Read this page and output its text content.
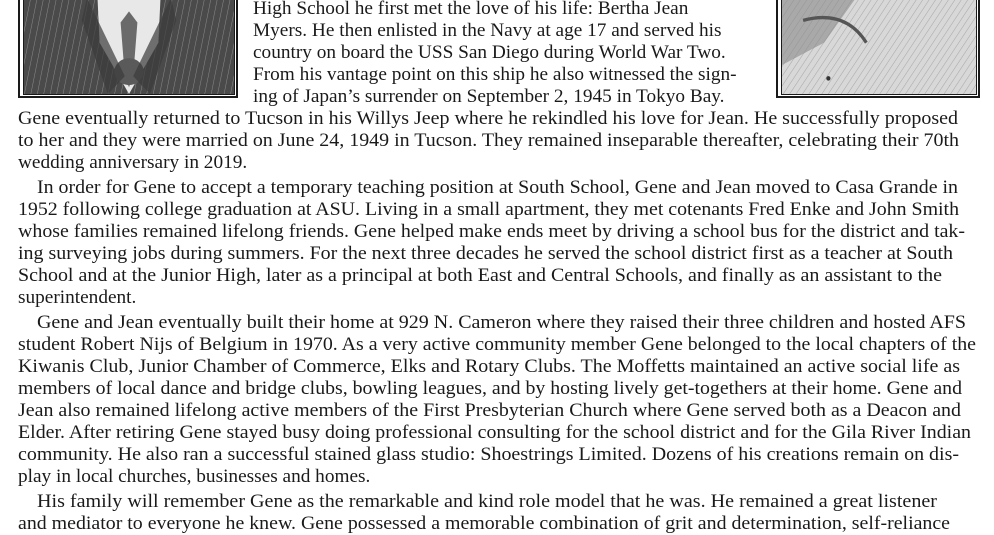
High School he first met the love of his life: Bertha Jean
Myers. He then enlisted in the Navy at age 17 and served his
country on board the USS San Diego during World War Two.
From his vantage point on this ship he also witnessed the sign-
ing of Japan’s surrender on September 2, 1945 in Tokyo Bay.
Gene eventually returned to Tucson in his Willys Jeep where he rekindled his love for Jean. He successfully proposed
to her and they were married on June 24, 1949 in Tucson. They remained inseparable thereafter, celebrating their 70th
wedding anniversary in 2019.
In order for Gene to accept a temporary teaching position at South School, Gene and Jean moved to Casa Grande in
1952 following college graduation at ASU. Living in a small apartment, they met cotenants Fred Enke and John Smith
whose families remained lifelong friends. Gene helped make ends meet by driving a school bus for the district and tak-
ing surveying jobs during summers. For the next three decades he served the school district first as a teacher at South
School and at the Junior High, later as a principal at both East and Central Schools, and finally as an assistant to the
superintendent.
Gene and Jean eventually built their home at 929 N. Cameron where they raised their three children and hosted AFS
student Robert Nijs of Belgium in 1970. As a very active community member Gene belonged to the local chapters of the
Kiwanis Club, Junior Chamber of Commerce, Elks and Rotary Clubs. The Moffetts maintained an active social life as
members of local dance and bridge clubs, bowling leagues, and by hosting lively get-togethers at their home. Gene and
Jean also remained lifelong active members of the First Presbyterian Church where Gene served both as a Deacon and
Elder. After retiring Gene stayed busy doing professional consulting for the school district and for the Gila River Indian
community. He also ran a successful stained glass studio: Shoestrings Limited. Dozens of his creations remain on dis-
play in local churches, businesses and homes.
His family will remember Gene as the remarkable and kind role model that he was. He remained a great listener
and mediator to everyone he knew. Gene possessed a memorable combination of grit and determination, self-reliance
